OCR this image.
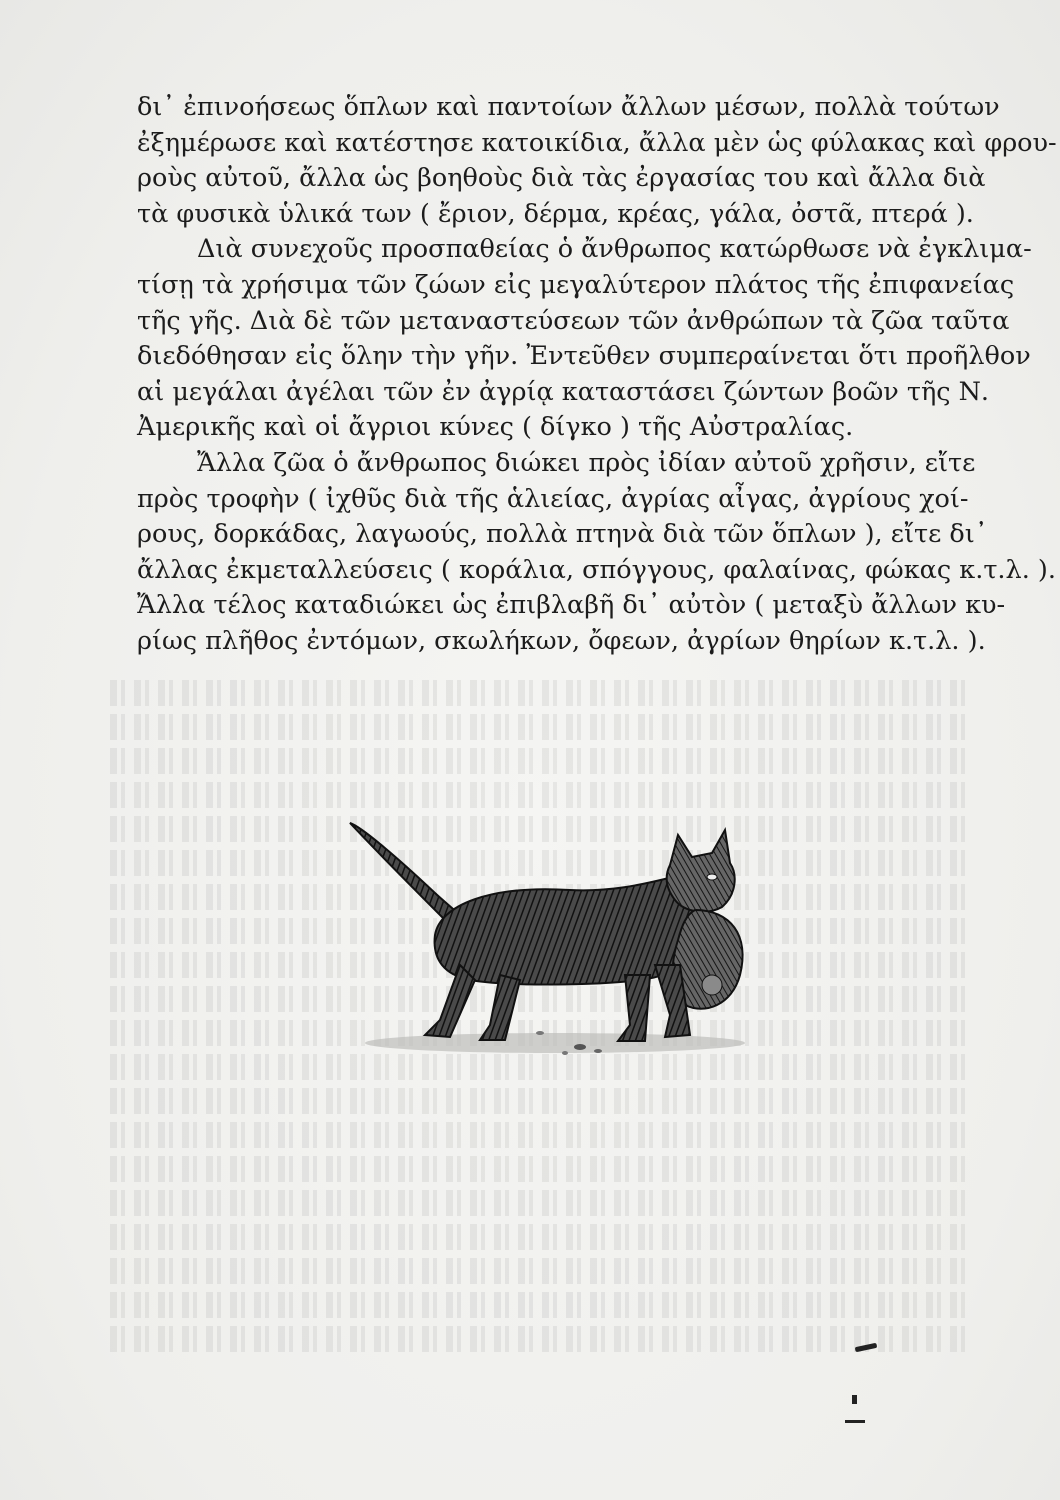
δι᾽ ἐπινοήσεως ὅπλων καὶ παντοίων ἄλλων μέσων, πολλὰ τούτων
ἐξημέρωσε καὶ κατέστησε κατοικίδια, ἄλλα μὲν ὡς φύλακας καὶ φρου-
ροὺς αὐτοῦ, ἄλλα ὡς βοηθοὺς διὰ τὰς ἐργασίας του καὶ ἄλλα διὰ
τὰ φυσικὰ ὑλικά των ( ἔριον, δέρμα, κρέας, γάλα, ὀστᾶ, πτερά ).
Διὰ συνεχοῦς προσπαθείας ὁ ἄνθρωπος κατώρθωσε νὰ ἐγκλιμα-
τίσῃ τὰ χρήσιμα τῶν ζώων εἰς μεγαλύτερον πλάτος τῆς ἐπιφανείας
τῆς γῆς. Διὰ δὲ τῶν μεταναστεύσεων τῶν ἀνθρώπων τὰ ζῶα ταῦτα
διεδόθησαν εἰς ὅλην τὴν γῆν. Ἐντεῦθεν συμπεραίνεται ὅτι προῆλθον
αἱ μεγάλαι ἀγέλαι τῶν ἐν ἀγρίᾳ καταστάσει ζώντων βοῶν τῆς Ν.
Ἀμερικῆς καὶ οἱ ἄγριοι κύνες ( δίγκο ) τῆς Αὐστραλίας.
Ἄλλα ζῶα ὁ ἄνθρωπος διώκει πρὸς ἰδίαν αὐτοῦ χρῆσιν, εἴτε
πρὸς τροφὴν ( ἰχθῦς διὰ τῆς ἁλιείας, ἀγρίας αἶγας, ἀγρίους χοί-
ρους, δορκάδας, λαγωούς, πολλὰ πτηνὰ διὰ τῶν ὅπλων ), εἴτε δι᾽
ἄλλας ἐκμεταλλεύσεις ( κοράλια, σπόγγους, φαλαίνας, φώκας κ.τ.λ. ).
Ἄλλα τέλος καταδιώκει ὡς ἐπιβλαβῆ δι᾽ αὐτὸν ( μεταξὺ ἄλλων κυ-
ρίως πλῆθος ἐντόμων, σκωλήκων, ὄφεων, ἀγρίων θηρίων κ.τ.λ. ).
